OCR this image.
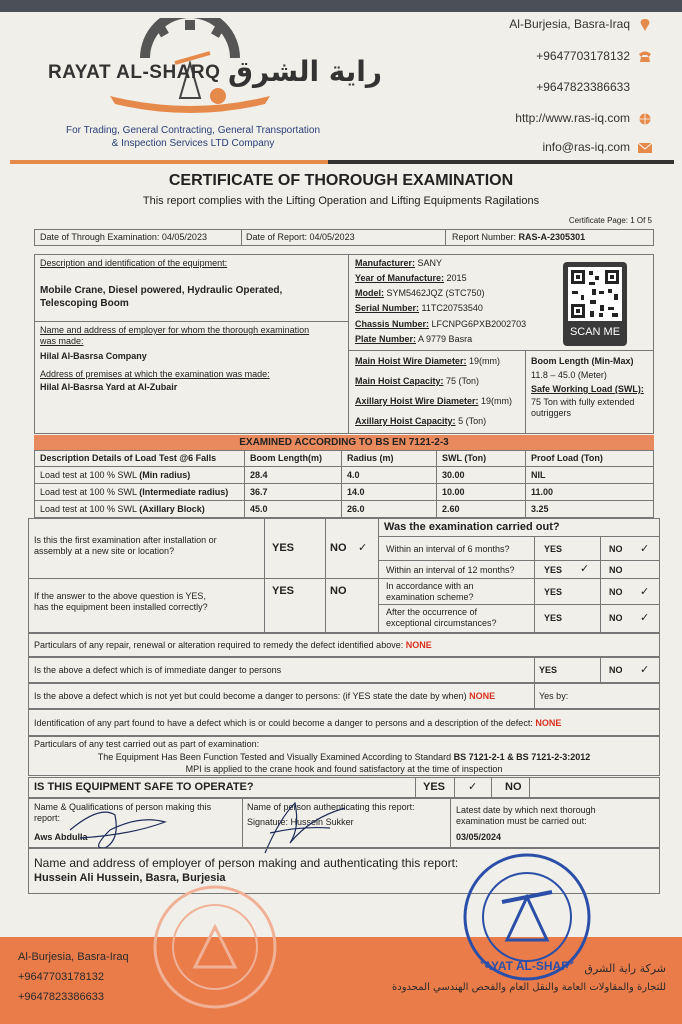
RAYAT AL-SHARQ راية الشرق
For Trading, General Contracting, General Transportation
& Inspection Services LTD Company
Al-Burjesia, Basra-Iraq
+9647703178132
+9647823386633
http://www.ras-iq.com
info@ras-iq.com
CERTIFICATE OF THOROUGH EXAMINATION
This report complies with the Lifting Operation and Lifting Equipments Ragilations
Certificate Page: 1 Of 5
Date of Through Examination: 04/05/2023	Date of Report: 04/05/2023	Report Number: RAS-A-2305301
Description and identification of the equipment:
Mobile Crane, Diesel powered, Hydraulic Operated,
Telescoping Boom
Name and address of employer for whom the thorough examination
was made:
Hilal Al-Basrsa Company
Address of premises at which the examination was made:
Hilal Al-Basrsa Yard at Al-Zubair
Manufacturer: SANY
Year of Manufacture: 2015
Model: SYM5462JQZ (STC750)
Serial Number: 11TC20753540
Chassis Number: LFCNPG6PXB2002703
Plate Number: A 9779 Basra
SCAN ME
Main Hoist Wire Diameter: 19(mm)
Main Hoist Capacity: 75 (Ton)
Axillary Hoist Wire Diameter: 19(mm)
Axillary Hoist Capacity: 5 (Ton)
Boom Length (Min-Max)
11.8 – 45.0 (Meter)
Safe Working Load (SWL):
75 Ton with fully extended
outriggers
EXAMINED ACCORDING TO BS EN 7121-2-3
Description Details of Load Test @6 Falls	Boom Length(m)	Radius (m)	SWL (Ton)	Proof Load (Ton)
Load test at 100 % SWL (Min radius)	28.4	4.0	30.00	NIL
Load test at 100 % SWL (Intermediate radius) 36.7	14.0	10.00	11.00
Load test at 100 % SWL (Axillary Block)	45.0	26.0	2.60	3.25
Is this the first examination after installation or
assembly at a new site or location?	YES	NO ✓
If the answer to the above question is YES,
has the equipment been installed correctly?
YES	NO
Was the examination carried out?
Within an interval of 6 months?	YES	NO ✓
Within an interval of 12 months?	YES ✓ NO
In accordance with an
examination scheme?	YES	NO ✓
After the occurrence of
exceptional circumstances?	YES	NO ✓
Particulars of any repair, renewal or alteration required to remedy the defect identified above: NONE
Is the above a defect which is of immediate danger to persons	YES	NO ✓
Is the above a defect which is not yet but could become a danger to persons: (if YES state the date by when) NONE	Yes by:
Identification of any part found to have a defect which is or could become a danger to persons and a description of the defect: NONE
Particulars of any test carried out as part of examination:
The Equipment Has Been Function Tested and Visually Examined According to Standard BS 7121-2-1 & BS 7121-2-3:2012
MPI is applied to the crane hook and found satisfactory at the time of inspection
IS THIS EQUIPMENT SAFE TO OPERATE?	YES ✓	NO
Name & Qualifications of person making this
report:
Aws Abdulla
Name of person authenticating this report:
Signature: Hussein Sukker
Latest date by which next thorough
examination must be carried out:
03/05/2024
Name and address of employer of person making and authenticating this report:
Hussein Ali Hussein, Basra, Burjesia
Al-Burjesia, Basra-Iraq
+9647703178132
+9647823386633
شركة راية الشرق
للتجارة والمقاولات العامة والنقل العام والفحص الهندسي المحدودة
RAYAT AL-SHARQ
